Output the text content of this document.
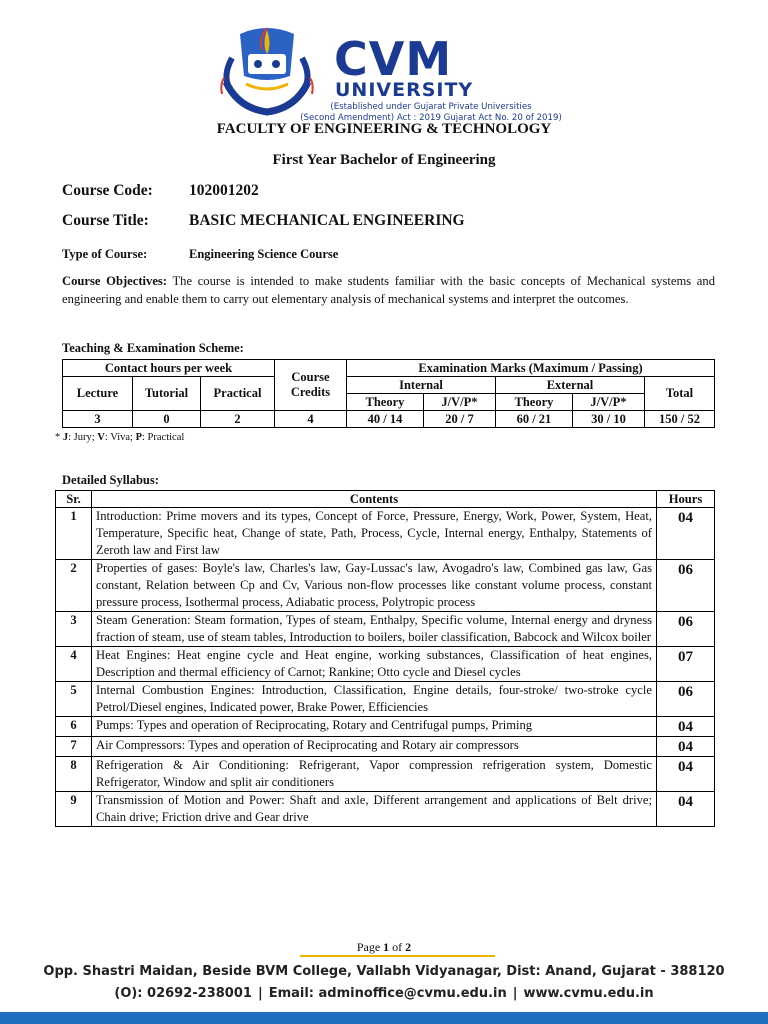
CVM
UNIVERSITY
(Established under Gujarat Private Universities
(Second Amendment) Act : 2019 Gujarat Act No. 20 of 2019)
FACULTY OF ENGINEERING & TECHNOLOGY
First Year Bachelor of Engineering
Course Code: 102001202
Course Title:	BASIC MECHANICAL ENGINEERING
Type of Course:	Engineering Science Course
Course Objectives: The course is intended to make students familiar with the basic concepts of Mechanical systems and engineering and enable them to carry out elementary analysis of mechanical systems and interpret the outcomes.
Teaching & Examination Scheme:
Contact hours per week			Course Credits	Examination Marks (Maximum / Passing)				
Lecture	Tutorial	Practical		Internal		External		Total
				Theory	J/V/P*	Theory	J/V/P*	
3	0	2	4	40 / 14	20 / 7	60 / 21	30 / 10	150 / 52
* J: Jury; V: Viva; P: Practical
Detailed Syllabus:
Sr.	Contents	Hours
1	Introduction: Prime movers and its types, Concept of Force, Pressure, Energy, Work, Power, System, Heat, Temperature, Specific heat, Change of state, Path, Process, Cycle, Internal energy, Enthalpy, Statements of Zeroth law and First law	04
2	Properties of gases: Boyle's law, Charles's law, Gay-Lussac's law, Avogadro's law, Combined gas law, Gas constant, Relation between Cp and Cv, Various non-flow processes like constant volume process, constant pressure process, Isothermal process, Adiabatic process, Polytropic process	06
3	Steam Generation: Steam formation, Types of steam, Enthalpy, Specific volume, Internal energy and dryness fraction of steam, use of steam tables, Introduction to boilers, boiler classification, Babcock and Wilcox boiler	06
4	Heat Engines: Heat engine cycle and Heat engine, working substances, Classification of heat engines, Description and thermal efficiency of Carnot; Rankine; Otto cycle and Diesel cycles	07
5	Internal Combustion Engines: Introduction, Classification, Engine details, four-stroke/ two-stroke cycle Petrol/Diesel engines, Indicated power, Brake Power, Efficiencies	06
6	Pumps: Types and operation of Reciprocating, Rotary and Centrifugal pumps, Priming	04
7	Air Compressors: Types and operation of Reciprocating and Rotary air compressors	04
8	Refrigeration & Air Conditioning: Refrigerant, Vapor compression refrigeration system, Domestic Refrigerator, Window and split air conditioners	04
9	Transmission of Motion and Power: Shaft and axle, Different arrangement and applications of Belt drive; Chain drive; Friction drive and Gear drive	04
Page 1 of 2
Opp. Shastri Maidan, Beside BVM College, Vallabh Vidyanagar, Dist: Anand, Gujarat - 388120
(O): 02692-238001 | Email: adminoffice@cvmu.edu.in | www.cvmu.edu.in
